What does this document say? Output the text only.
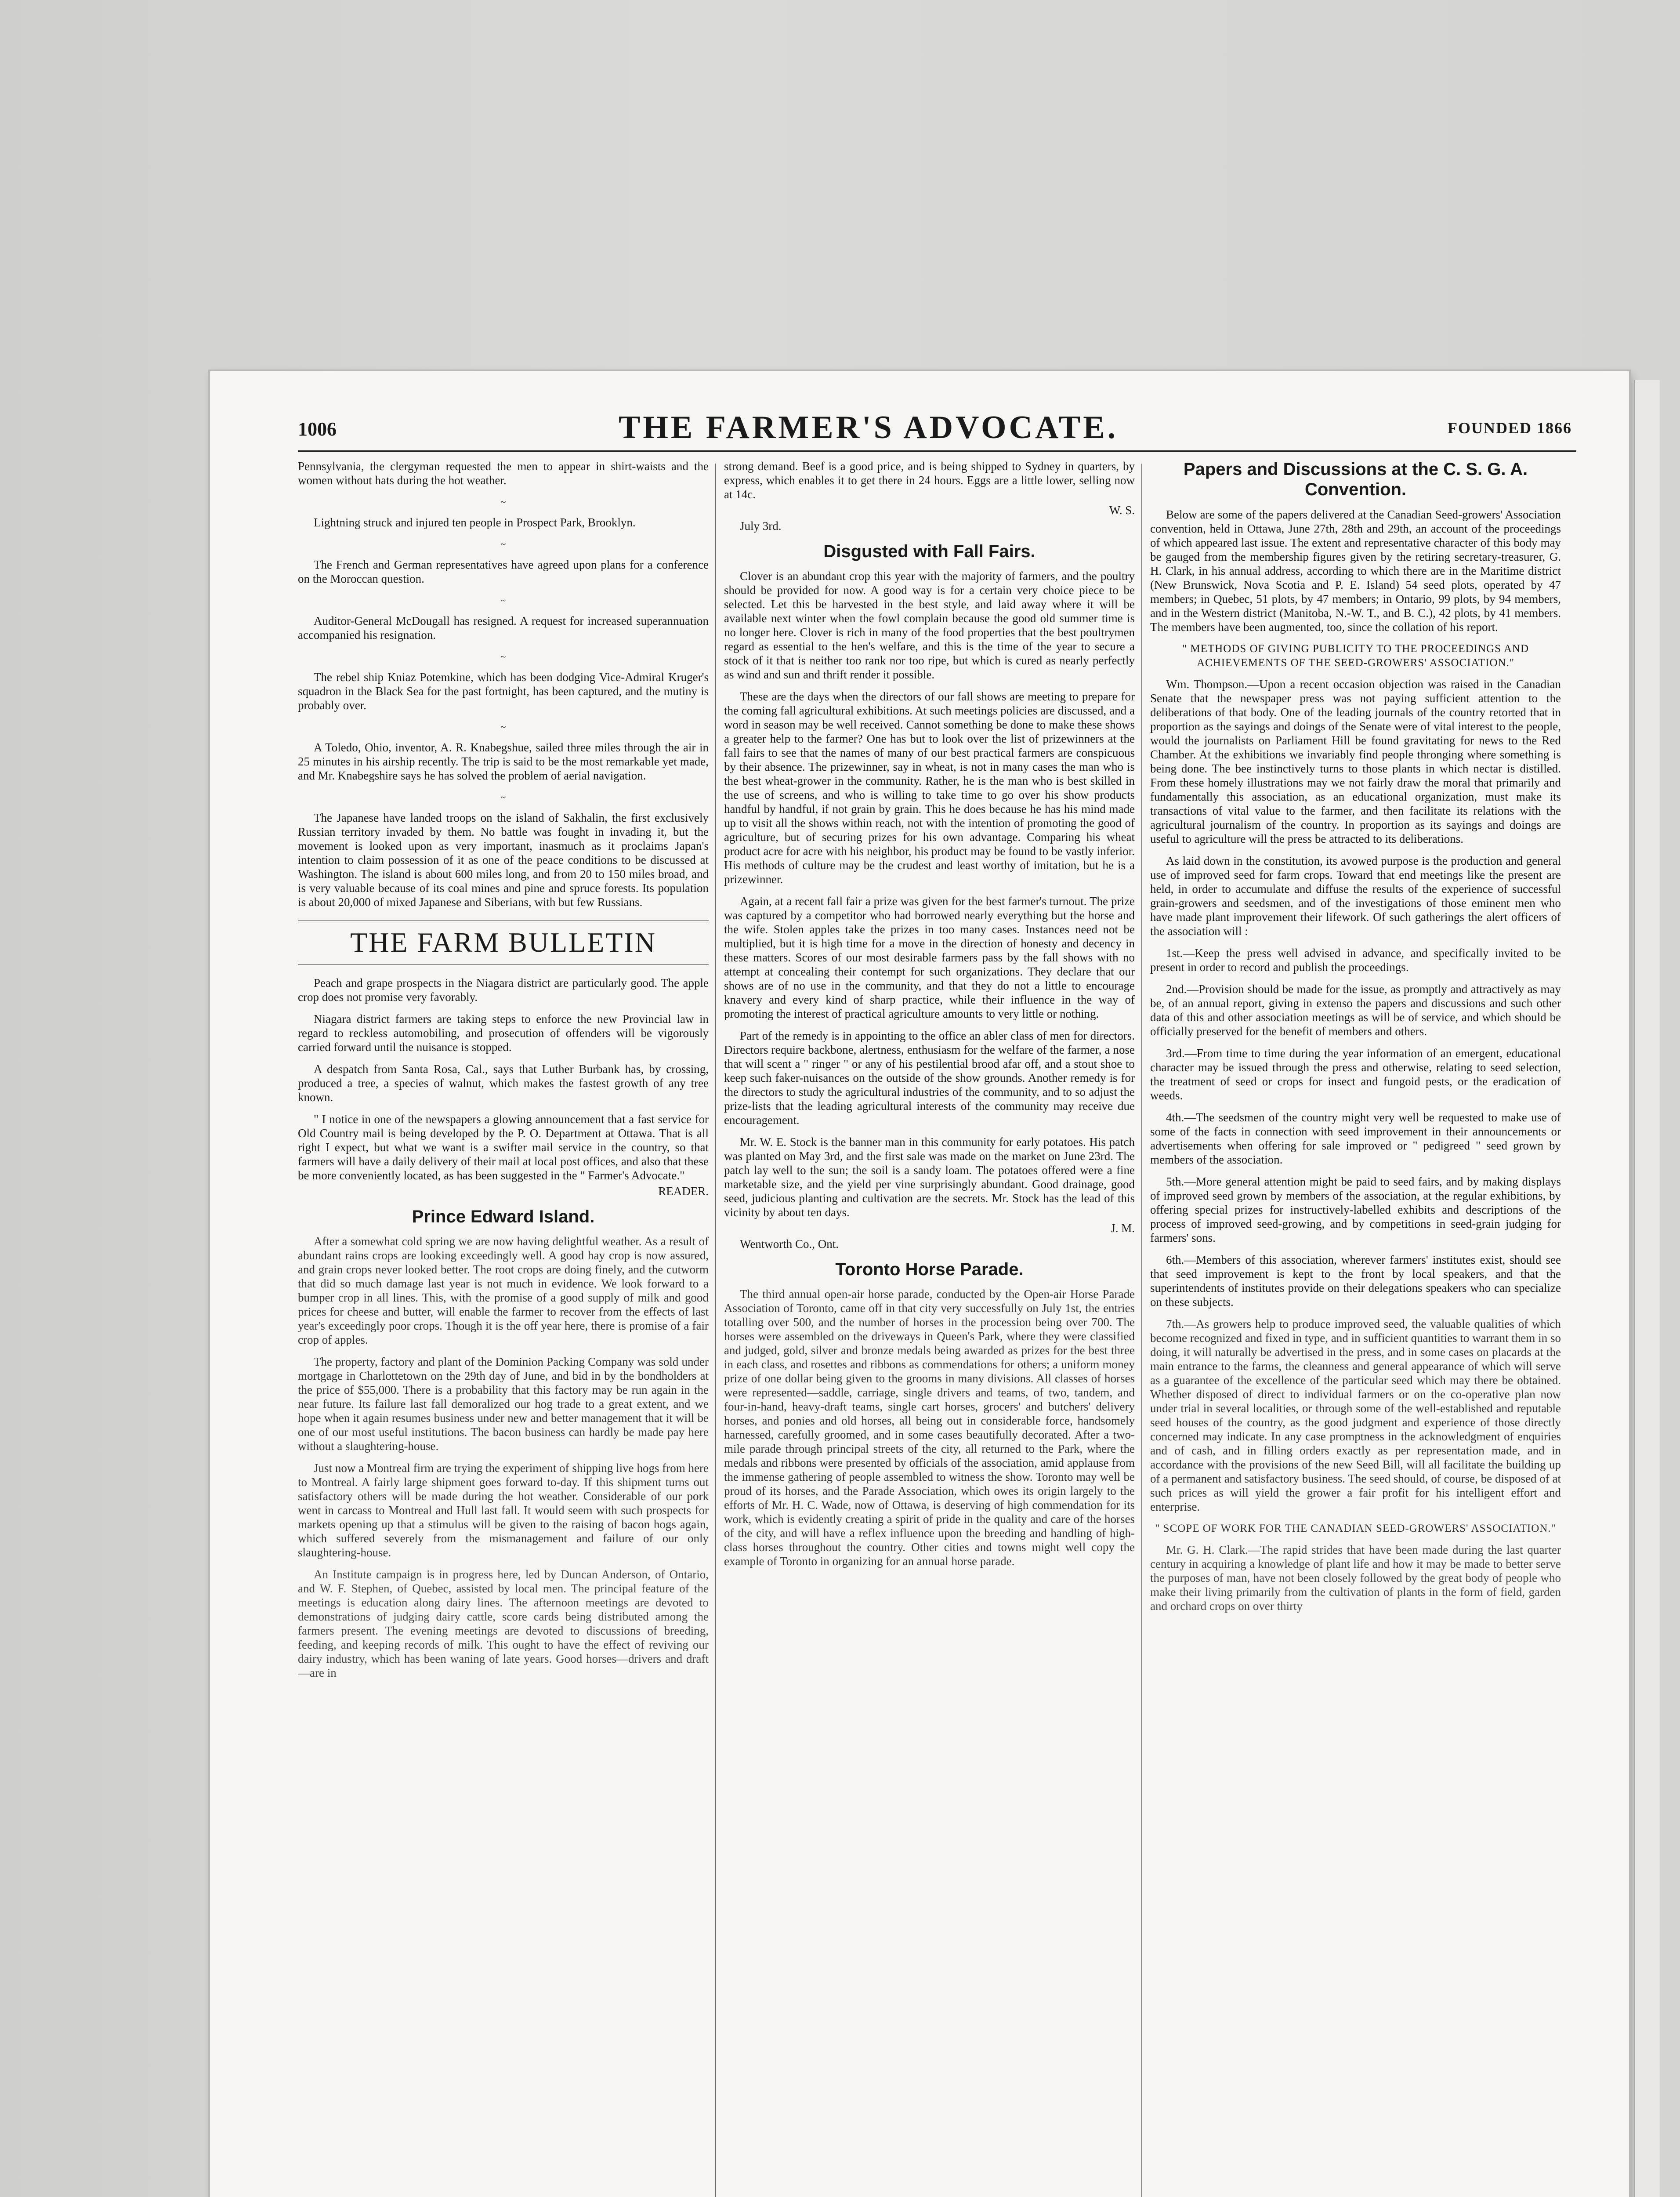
1006	THE FARMER'S ADVOCATE.	FOUNDED 1866

Pennsylvania, the clergyman requested the men to appear in shirt-waists and the women without hats during the hot weather.

~

Lightning struck and injured ten people in Prospect Park, Brooklyn.

~

The French and German representatives have agreed upon plans for a conference on the Moroccan question.

~

Auditor-General McDougall has resigned. A request for increased superannuation accompanied his resignation.

~

The rebel ship Kniaz Potemkine, which has been dodging Vice-Admiral Kruger's squadron in the Black Sea for the past fortnight, has been captured, and the mutiny is probably over.

~

A Toledo, Ohio, inventor, A. R. Knabegshue, sailed three miles through the air in 25 minutes in his airship recently. The trip is said to be the most remarkable yet made, and Mr. Knabegshire says he has solved the problem of aerial navigation.

~

The Japanese have landed troops on the island of Sakhalin, the first exclusively Russian territory invaded by them. No battle was fought in invading it, but the movement is looked upon as very important, inasmuch as it proclaims Japan's intention to claim possession of it as one of the peace conditions to be discussed at Washington. The island is about 600 miles long, and from 20 to 150 miles broad, and is very valuable because of its coal mines and pine and spruce forests. Its population is about 20,000 of mixed Japanese and Siberians, with but few Russians.

THE FARM BULLETIN

Peach and grape prospects in the Niagara district are particularly good. The apple crop does not promise very favorably.

Niagara district farmers are taking steps to enforce the new Provincial law in regard to reckless automobiling, and prosecution of offenders will be vigorously carried forward until the nuisance is stopped.

A despatch from Santa Rosa, Cal., says that Luther Burbank has, by crossing, produced a tree, a species of walnut, which makes the fastest growth of any tree known.

" I notice in one of the newspapers a glowing announcement that a fast service for Old Country mail is being developed by the P. O. Department at Ottawa. That is all right I expect, but what we want is a swifter mail service in the country, so that farmers will have a daily delivery of their mail at local post offices, and also that these be more conveniently located, as has been suggested in the " Farmer's Advocate."

READER.

Prince Edward Island.

After a somewhat cold spring we are now having delightful weather. As a result of abundant rains crops are looking exceedingly well. A good hay crop is now assured, and grain crops never looked better. The root crops are doing finely, and the cutworm that did so much damage last year is not much in evidence. We look forward to a bumper crop in all lines. This, with the promise of a good supply of milk and good prices for cheese and butter, will enable the farmer to recover from the effects of last year's exceedingly poor crops. Though it is the off year here, there is promise of a fair crop of apples.

The property, factory and plant of the Dominion Packing Company was sold under mortgage in Charlottetown on the 29th day of June, and bid in by the bondholders at the price of $55,000. There is a probability that this factory may be run again in the near future. Its failure last fall demoralized our hog trade to a great extent, and we hope when it again resumes business under new and better management that it will be one of our most useful institutions. The bacon business can hardly be made pay here without a slaughtering-house.

Just now a Montreal firm are trying the experiment of shipping live hogs from here to Montreal. A fairly large shipment goes forward to-day. If this shipment turns out satisfactory others will be made during the hot weather. Considerable of our pork went in carcass to Montreal and Hull last fall. It would seem with such prospects for markets opening up that a stimulus will be given to the raising of bacon hogs again, which suffered severely from the mismanagement and failure of our only slaughtering-house.

An Institute campaign is in progress here, led by Duncan Anderson, of Ontario, and W. F. Stephen, of Quebec, assisted by local men. The principal feature of the meetings is education along dairy lines. The afternoon meetings are devoted to demonstrations of judging dairy cattle, score cards being distributed among the farmers present. The evening meetings are devoted to discussions of breeding, feeding, and keeping records of milk. This ought to have the effect of reviving our dairy industry, which has been waning of late years. Good horses—drivers and draft—are in

strong demand. Beef is a good price, and is being shipped to Sydney in quarters, by express, which enables it to get there in 24 hours. Eggs are a little lower, selling now at 14c.

W. S.

July 3rd.

Disgusted with Fall Fairs.

Clover is an abundant crop this year with the majority of farmers, and the poultry should be provided for now. A good way is for a certain very choice piece to be selected. Let this be harvested in the best style, and laid away where it will be available next winter when the fowl complain because the good old summer time is no longer here. Clover is rich in many of the food properties that the best poultrymen regard as essential to the hen's welfare, and this is the time of the year to secure a stock of it that is neither too rank nor too ripe, but which is cured as nearly perfectly as wind and sun and thrift render it possible.

These are the days when the directors of our fall shows are meeting to prepare for the coming fall agricultural exhibitions. At such meetings policies are discussed, and a word in season may be well received. Cannot something be done to make these shows a greater help to the farmer? One has but to look over the list of prizewinners at the fall fairs to see that the names of many of our best practical farmers are conspicuous by their absence. The prizewinner, say in wheat, is not in many cases the man who is the best wheat-grower in the community. Rather, he is the man who is best skilled in the use of screens, and who is willing to take time to go over his show products handful by handful, if not grain by grain. This he does because he has his mind made up to visit all the shows within reach, not with the intention of promoting the good of agriculture, but of securing prizes for his own advantage. Comparing his wheat product acre for acre with his neighbor, his product may be found to be vastly inferior. His methods of culture may be the crudest and least worthy of imitation, but he is a prizewinner.

Again, at a recent fall fair a prize was given for the best farmer's turnout. The prize was captured by a competitor who had borrowed nearly everything but the horse and the wife. Stolen apples take the prizes in too many cases. Instances need not be multiplied, but it is high time for a move in the direction of honesty and decency in these matters. Scores of our most desirable farmers pass by the fall shows with no attempt at concealing their contempt for such organizations. They declare that our shows are of no use in the community, and that they do not a little to encourage knavery and every kind of sharp practice, while their influence in the way of promoting the interest of practical agriculture amounts to very little or nothing.

Part of the remedy is in appointing to the office an abler class of men for directors. Directors require backbone, alertness, enthusiasm for the welfare of the farmer, a nose that will scent a " ringer " or any of his pestilential brood afar off, and a stout shoe to keep such faker-nuisances on the outside of the show grounds. Another remedy is for the directors to study the agricultural industries of the community, and to so adjust the prize-lists that the leading agricultural interests of the community may receive due encouragement.

Mr. W. E. Stock is the banner man in this community for early potatoes. His patch was planted on May 3rd, and the first sale was made on the market on June 23rd. The patch lay well to the sun; the soil is a sandy loam. The potatoes offered were a fine marketable size, and the yield per vine surprisingly abundant. Good drainage, good seed, judicious planting and cultivation are the secrets. Mr. Stock has the lead of this vicinity by about ten days.

J. M.

Wentworth Co., Ont.

Toronto Horse Parade.

The third annual open-air horse parade, conducted by the Open-air Horse Parade Association of Toronto, came off in that city very successfully on July 1st, the entries totalling over 500, and the number of horses in the procession being over 700. The horses were assembled on the driveways in Queen's Park, where they were classified and judged, gold, silver and bronze medals being awarded as prizes for the best three in each class, and rosettes and ribbons as commendations for others; a uniform money prize of one dollar being given to the grooms in many divisions. All classes of horses were represented—saddle, carriage, single drivers and teams, of two, tandem, and four-in-hand, heavy-draft teams, single cart horses, grocers' and butchers' delivery horses, and ponies and old horses, all being out in considerable force, handsomely harnessed, carefully groomed, and in some cases beautifully decorated. After a two-mile parade through principal streets of the city, all returned to the Park, where the medals and ribbons were presented by officials of the association, amid applause from the immense gathering of people assembled to witness the show. Toronto may well be proud of its horses, and the Parade Association, which owes its origin largely to the efforts of Mr. H. C. Wade, now of Ottawa, is deserving of high commendation for its work, which is evidently creating a spirit of pride in the quality and care of the horses of the city, and will have a reflex influence upon the breeding and handling of high-class horses throughout the country. Other cities and towns might well copy the example of Toronto in organizing for an annual horse parade.

Papers and Discussions at the C. S. G. A. Convention.

Below are some of the papers delivered at the Canadian Seed-growers' Association convention, held in Ottawa, June 27th, 28th and 29th, an account of the proceedings of which appeared last issue. The extent and representative character of this body may be gauged from the membership figures given by the retiring secretary-treasurer, G. H. Clark, in his annual address, according to which there are in the Maritime district (New Brunswick, Nova Scotia and P. E. Island) 54 seed plots, operated by 47 members; in Quebec, 51 plots, by 47 members; in Ontario, 99 plots, by 94 members, and in the Western district (Manitoba, N.-W. T., and B. C.), 42 plots, by 41 members. The members have been augmented, too, since the collation of his report.

" METHODS OF GIVING PUBLICITY TO THE PROCEEDINGS AND ACHIEVEMENTS OF THE SEED-GROWERS' ASSOCIATION."

Wm. Thompson.—Upon a recent occasion objection was raised in the Canadian Senate that the newspaper press was not paying sufficient attention to the deliberations of that body. One of the leading journals of the country retorted that in proportion as the sayings and doings of the Senate were of vital interest to the people, would the journalists on Parliament Hill be found gravitating for news to the Red Chamber. At the exhibitions we invariably find people thronging where something is being done. The bee instinctively turns to those plants in which nectar is distilled. From these homely illustrations may we not fairly draw the moral that primarily and fundamentally this association, as an educational organization, must make its transactions of vital value to the farmer, and then facilitate its relations with the agricultural journalism of the country. In proportion as its sayings and doings are useful to agriculture will the press be attracted to its deliberations.

As laid down in the constitution, its avowed purpose is the production and general use of improved seed for farm crops. Toward that end meetings like the present are held, in order to accumulate and diffuse the results of the experience of successful grain-growers and seedsmen, and of the investigations of those eminent men who have made plant improvement their lifework. Of such gatherings the alert officers of the association will :

1st.—Keep the press well advised in advance, and specifically invited to be present in order to record and publish the proceedings.

2nd.—Provision should be made for the issue, as promptly and attractively as may be, of an annual report, giving in extenso the papers and discussions and such other data of this and other association meetings as will be of service, and which should be officially preserved for the benefit of members and others.

3rd.—From time to time during the year information of an emergent, educational character may be issued through the press and otherwise, relating to seed selection, the treatment of seed or crops for insect and fungoid pests, or the eradication of weeds.

4th.—The seedsmen of the country might very well be requested to make use of some of the facts in connection with seed improvement in their announcements or advertisements when offering for sale improved or " pedigreed " seed grown by members of the association.

5th.—More general attention might be paid to seed fairs, and by making displays of improved seed grown by members of the association, at the regular exhibitions, by offering special prizes for instructively-labelled exhibits and descriptions of the process of improved seed-growing, and by competitions in seed-grain judging for farmers' sons.

6th.—Members of this association, wherever farmers' institutes exist, should see that seed improvement is kept to the front by local speakers, and that the superintendents of institutes provide on their delegations speakers who can specialize on these subjects.

7th.—As growers help to produce improved seed, the valuable qualities of which become recognized and fixed in type, and in sufficient quantities to warrant them in so doing, it will naturally be advertised in the press, and in some cases on placards at the main entrance to the farms, the cleanness and general appearance of which will serve as a guarantee of the excellence of the particular seed which may there be obtained. Whether disposed of direct to individual farmers or on the co-operative plan now under trial in several localities, or through some of the well-established and reputable seed houses of the country, as the good judgment and experience of those directly concerned may indicate. In any case promptness in the acknowledgment of enquiries and of cash, and in filling orders exactly as per representation made, and in accordance with the provisions of the new Seed Bill, will all facilitate the building up of a permanent and satisfactory business. The seed should, of course, be disposed of at such prices as will yield the grower a fair profit for his intelligent effort and enterprise.

" SCOPE OF WORK FOR THE CANADIAN SEED-GROWERS' ASSOCIATION."

Mr. G. H. Clark.—The rapid strides that have been made during the last quarter century in acquiring a knowledge of plant life and how it may be made to better serve the purposes of man, have not been closely followed by the great body of people who make their living primarily from the cultivation of plants in the form of field, garden and orchard crops on over thirty
